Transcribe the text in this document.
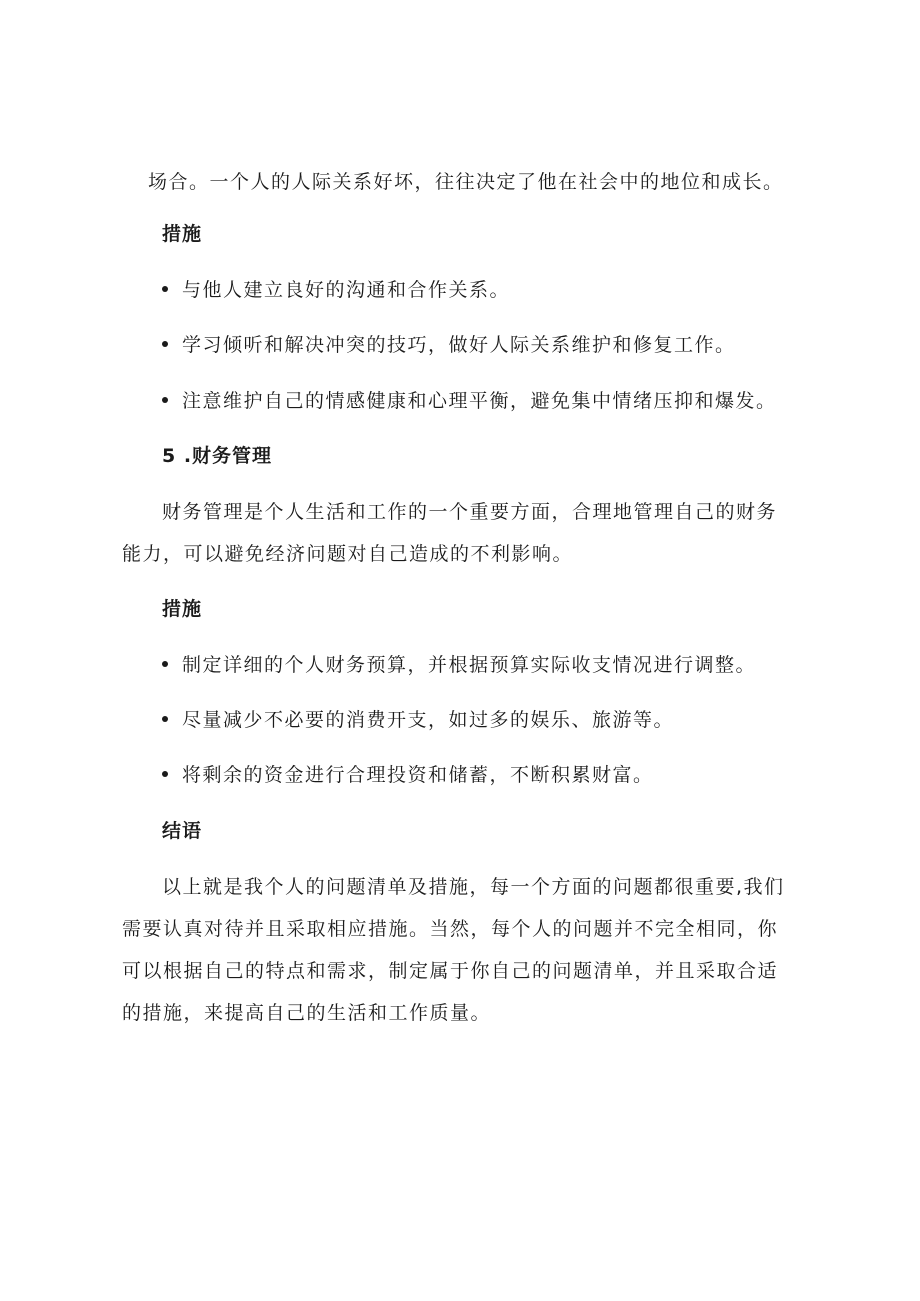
场合。一个人的人际关系好坏，往往决定了他在社会中的地位和成长。
措施
与他人建立良好的沟通和合作关系。
学习倾听和解决冲突的技巧，做好人际关系维护和修复工作。
注意维护自己的情感健康和心理平衡，避免集中情绪压抑和爆发。
5 .财务管理
财务管理是个人生活和工作的一个重要方面，合理地管理自己的财务
能力，可以避免经济问题对自己造成的不利影响。
措施
制定详细的个人财务预算，并根据预算实际收支情况进行调整。
尽量减少不必要的消费开支，如过多的娱乐、旅游等。
将剩余的资金进行合理投资和储蓄，不断积累财富。
结语
以上就是我个人的问题清单及措施，每一个方面的问题都很重要,我们
需要认真对待并且采取相应措施。当然，每个人的问题并不完全相同，你
可以根据自己的特点和需求，制定属于你自己的问题清单，并且采取合适
的措施，来提高自己的生活和工作质量。
